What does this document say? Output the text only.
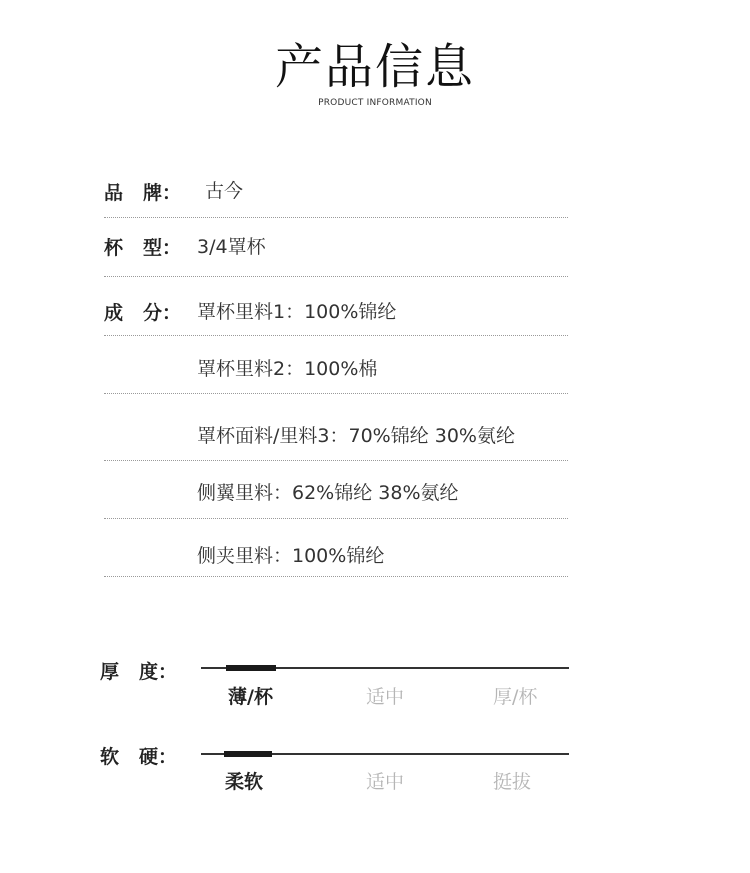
产品信息
PRODUCT INFORMATION
品 牌： 古今
杯 型： 3/4罩杯
成 分： 罩杯里料1：100%锦纶
罩杯里料2：100%棉
罩杯面料/里料3：70%锦纶 30%氨纶
侧翼里料：62%锦纶 38%氨纶
侧夹里料：100%锦纶
厚 度：
薄/杯	适中	厚/杯
软 硬：
柔软	适中	挺拔
